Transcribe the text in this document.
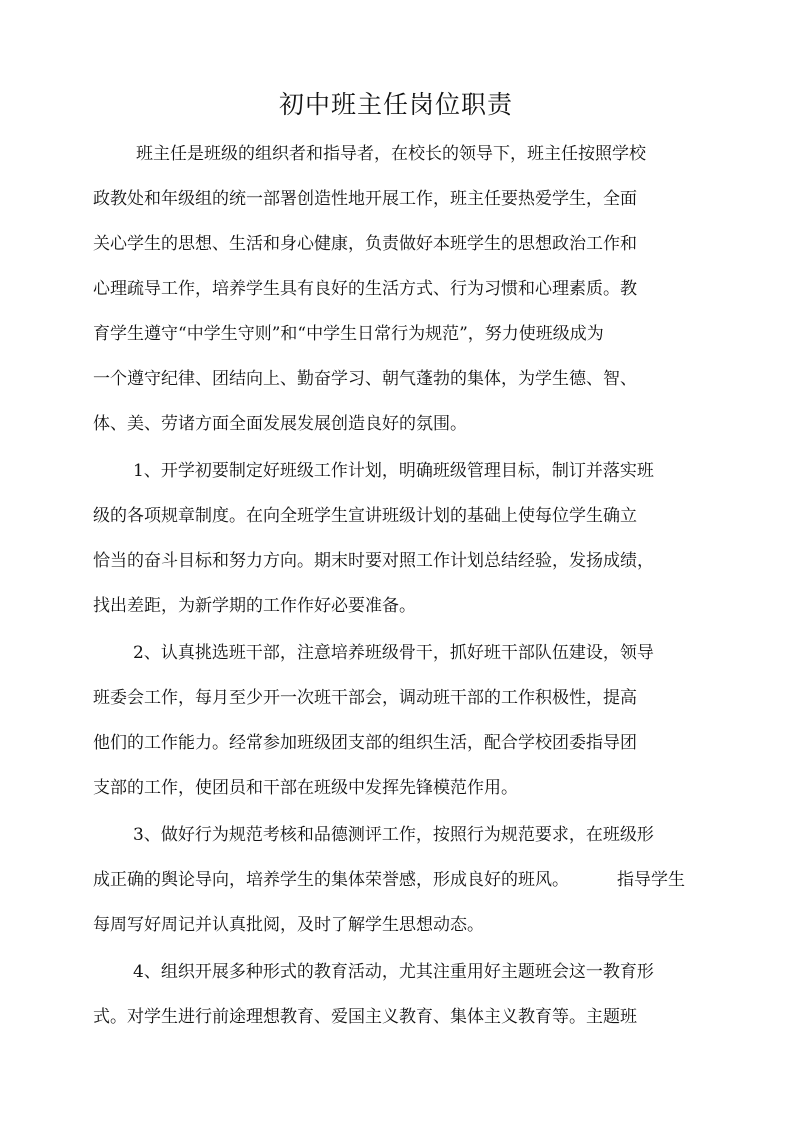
初中班主任岗位职责
班主任是班级的组织者和指导者，在校长的领导下，班主任按照学校
政教处和年级组的统一部署创造性地开展工作，班主任要热爱学生，全面
关心学生的思想、生活和身心健康，负责做好本班学生的思想政治工作和
心理疏导工作，培养学生具有良好的生活方式、行为习惯和心理素质。教
育学生遵守“中学生守则”和“中学生日常行为规范”，努力使班级成为
一个遵守纪律、团结向上、勤奋学习、朝气蓬勃的集体，为学生德、智、
体、美、劳诸方面全面发展发展创造良好的氛围。
1、开学初要制定好班级工作计划，明确班级管理目标，制订并落实班
级的各项规章制度。在向全班学生宣讲班级计划的基础上使每位学生确立
恰当的奋斗目标和努力方向。期末时要对照工作计划总结经验，发扬成绩，
找出差距，为新学期的工作作好必要准备。
2、认真挑选班干部，注意培养班级骨干，抓好班干部队伍建设，领导
班委会工作，每月至少开一次班干部会，调动班干部的工作积极性，提高
他们的工作能力。经常参加班级团支部的组织生活，配合学校团委指导团
支部的工作，使团员和干部在班级中发挥先锋模范作用。
3、做好行为规范考核和品德测评工作，按照行为规范要求，在班级形
成正确的舆论导向，培养学生的集体荣誉感，形成良好的班风。	指导学生
每周写好周记并认真批阅，及时了解学生思想动态。
4、组织开展多种形式的教育活动，尤其注重用好主题班会这一教育形
式。对学生进行前途理想教育、爱国主义教育、集体主义教育等。主题班
